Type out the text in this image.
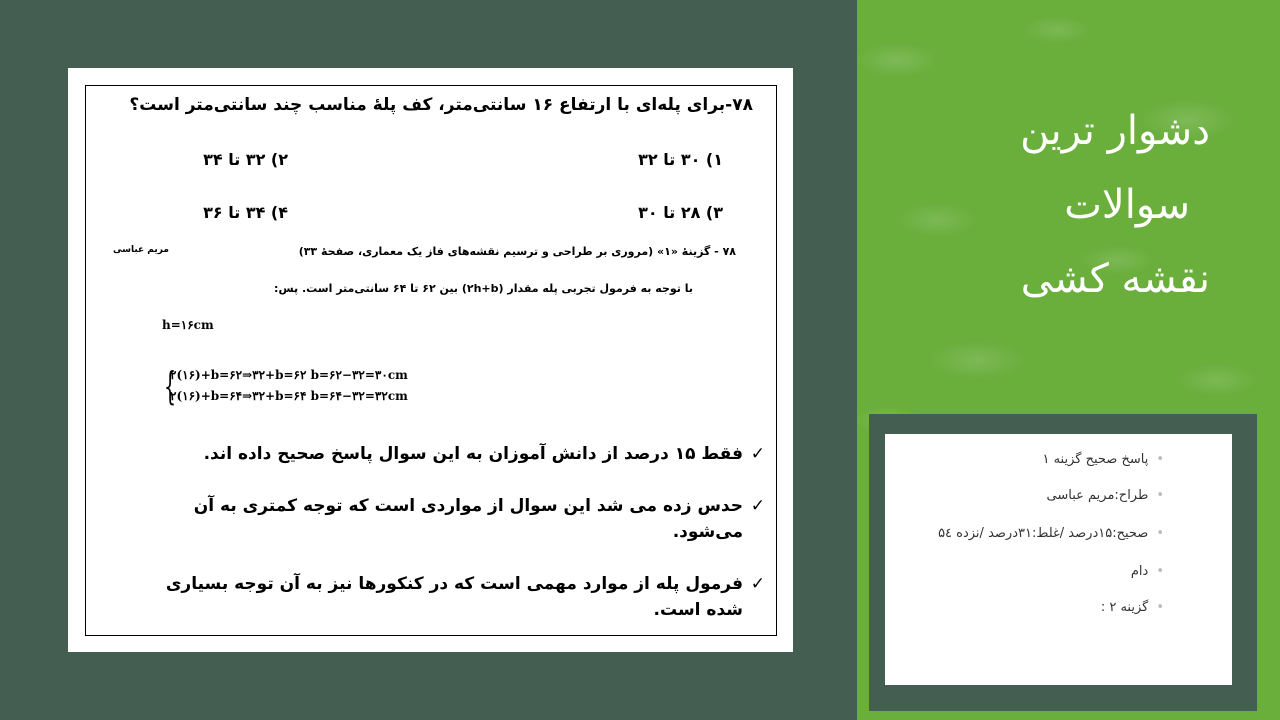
دشوار ترین
سوالات
نقشه کشی
•پاسخ صحیح گزینه ۱
•طراح:مریم عباسی
•صحیح:۱۵درصد /غلط:۳۱درصد /نزده ۵٤
•دام
•گزینه ۲ :
۷۸-برای پله‌ای با ارتفاع ۱۶ سانتی‌متر، کف پلهٔ مناسب چند سانتی‌متر است؟
۱) ۳۰ تا ۳۲
۲) ۳۲ تا ۳۴
۳) ۲۸ تا ۳۰
۴) ۳۴ تا ۳۶
۷۸ - گزینهٔ «۱» (مروری بر طراحی و ترسیم نقشه‌های فاز یک معماری، صفحهٔ ۳۳)
مریم عباسی
با توجه به فرمول تجربی پله مقدار (۲h+b) بین ۶۲ تا ۶۴ سانتی‌متر است. پس:
h=۱۶cm
{
۲(۱۶)+b=۶۲⇒۳۲+b=۶۲ b=۶۲−۳۲=۳۰cm
۲(۱۶)+b=۶۴⇒۳۲+b=۶۴ b=۶۴−۳۲=۳۲cm
✓
فقط ۱۵ درصد از دانش آموزان به این سوال پاسخ صحیح داده اند.
✓
حدس زده می شد این سوال از مواردی است که توجه کمتری به آن می‌شود.
✓
فرمول پله از موارد مهمی است که در کنکورها نیز به آن توجه بسیاری شده است.
